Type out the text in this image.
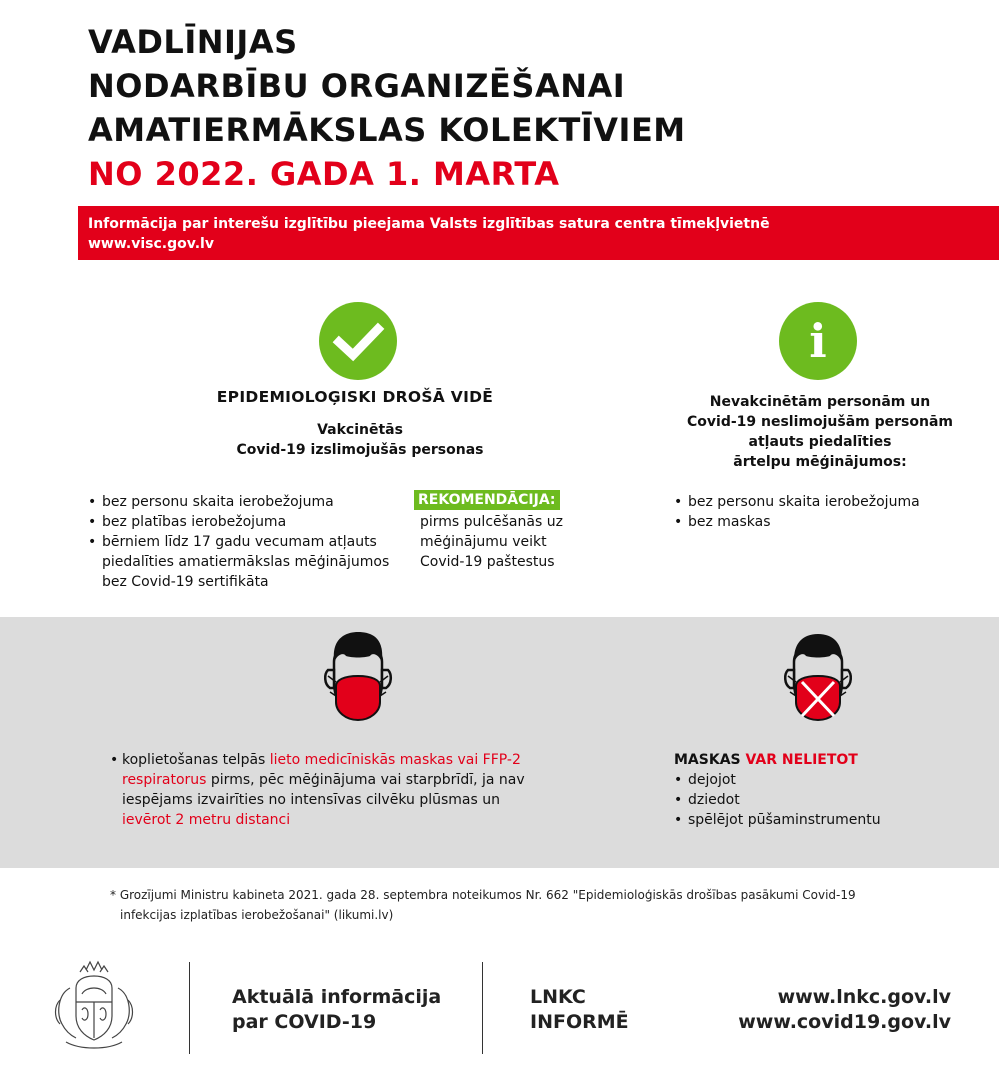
VADLĪNIJAS
NODARBĪBU ORGANIZĒŠANAI
AMATIERMĀKSLAS KOLEKTĪVIEM
NO 2022. GADA 1. MARTA
Informācija par interešu izglītību pieejama Valsts izglītības satura centra tīmekļvietnē
www.visc.gov.lv
i
EPIDEMIOLOĢISKI DROŠĀ VIDĒ
Vakcinētās
Covid-19 izslimojušās personas
• bez personu skaita ierobežojuma
• bez platības ierobežojuma
• bērniem līdz 17 gadu vecumam atļauts piedalīties amatiermākslas mēģinājumos bez Covid-19 sertifikāta
REKOMENDĀCIJA:
pirms pulcēšanās uz
mēģinājumu veikt
Covid-19 paštestus
Nevakcinētām personām un
Covid-19 neslimojušām personām
atļauts piedalīties
ārtelpu mēģinājumos:
• bez personu skaita ierobežojuma
• bez maskas
• koplietošanas telpās lieto medicīniskās maskas vai FFP-2 respiratorus pirms, pēc mēģinājuma vai starpbrīdī, ja nav iespējams izvairīties no intensīvas cilvēku plūsmas un ievērot 2 metru distanci
MASKAS VAR NELIETOT
• dejojot
• dziedot
• spēlējot pūšaminstrumentu
* Grozījumi Ministru kabineta 2021. gada 28. septembra noteikumos Nr. 662 "Epidemioloģiskās drošības pasākumi Covid-19
infekcijas izplatības ierobežošanai" (likumi.lv)
Aktuālā informācija
par COVID-19
LNKC
INFORMĒ
www.lnkc.gov.lv
www.covid19.gov.lv
